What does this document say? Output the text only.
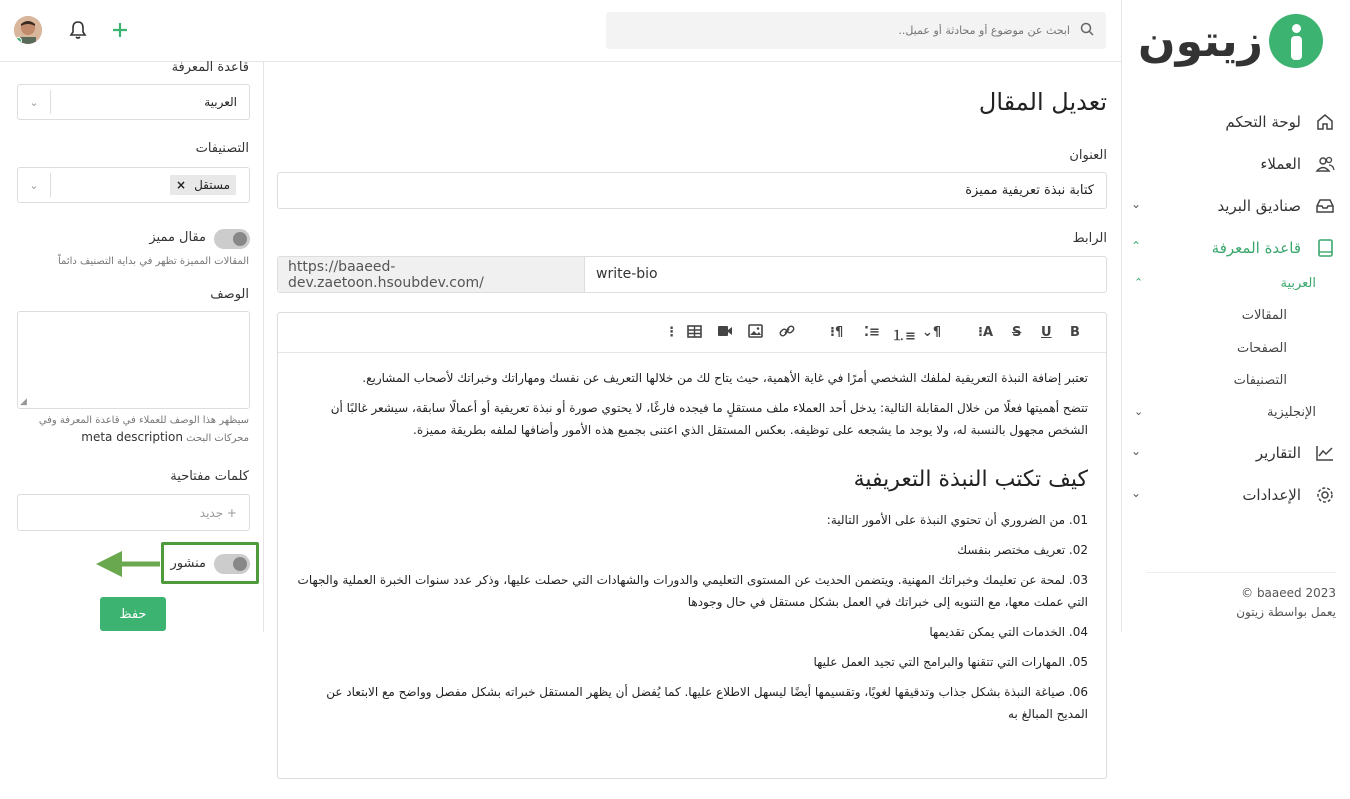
ابحث عن موضوع أو محادثة أو عميل..
زيتون
لوحة التحكم
العملاء
صناديق البريد
⌄
قاعدة المعرفة
⌃
العربية
⌃
المقالات
الصفحات
التصنيفات
الإنجليزية
⌄
التقارير
⌄
الإعدادات
⌄
© baaeed 2023
يعمل بواسطة زيتون
تعديل المقال
العنوان
كتابة نبذة تعريفية مميزة
الرابط
https://baaeed-dev.zaetoon.hsoubdev.com/
write-bio
B
U
S
⁝A
⌄¶
⒈≡
⁚≡
⁝¶
⋮

تعتبر إضافة النبذة التعريفية لملفك الشخصي أمرًا في غاية الأهمية، حيث يتاح لك من خلالها التعريف عن نفسك ومهاراتك وخبراتك لأصحاب المشاريع.

تتضح أهميتها فعلًا من خلال المقابلة التالية: يدخل أحد العملاء ملف مستقلٍ ما فيجده فارغًا، لا يحتوي صورة أو نبذة تعريفية أو أعمالًا سابقة، سيشعر غالبًا أن الشخص مجهول بالنسبة له، ولا يوجد ما يشجعه على توظيفه. بعكس المستقل الذي اعتنى بجميع هذه الأمور وأضافها لملفه بطريقة مميزة.

كيف تكتب النبذة التعريفية
01. من الضروري أن تحتوي النبذة على الأمور التالية:
02. تعريف مختصر بنفسك
03. لمحة عن تعليمك وخبراتك المهنية. ويتضمن الحديث عن المستوى التعليمي والدورات والشهادات التي حصلت عليها، وذكر عدد سنوات الخبرة العملية والجهات التي عملت معها، مع التنويه إلى خبراتك في العمل بشكل مستقل في حال وجودها
04. الخدمات التي يمكن تقديمها
05. المهارات التي تتقنها والبرامج التي تجيد العمل عليها
06. صياغة النبذة بشكل جذاب وتدقيقها لغويًا، وتقسيمها أيضًا ليسهل الاطلاع عليها. كما يُفضل أن يظهر المستقل خبراته بشكل مفصل وواضح مع الابتعاد عن المديح المبالغ به
قاعدة المعرفة
العربية
⌄
التصنيفات
مستقل
×
⌄
مقال مميز
المقالات المميزة تظهر في بداية التصنيف دائماً
الوصف
◢
سيظهر هذا الوصف للعملاء في قاعدة المعرفة وفي
محركات البحث meta description
كلمات مفتاحية
+ جديد
منشور
حفظ
